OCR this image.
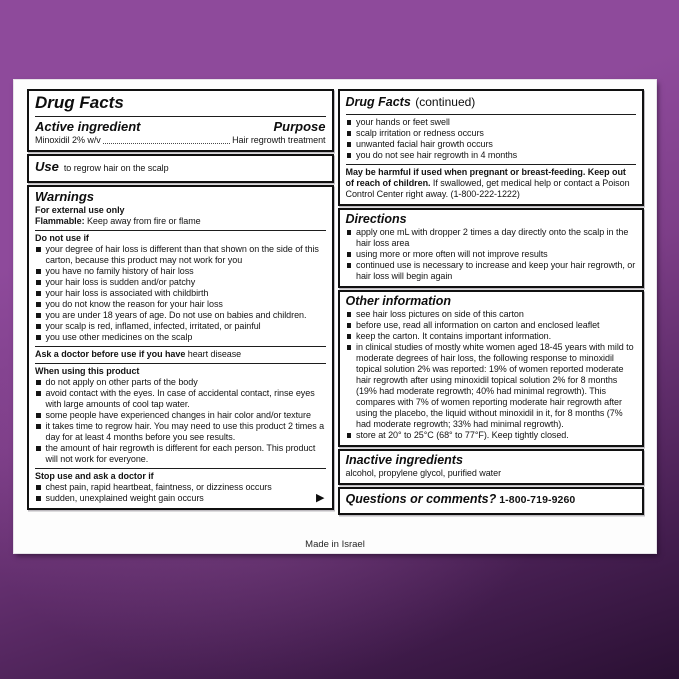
Drug Facts
Active ingredient	Purpose
Minoxidil 2% w/v	Hair regrowth treatment
Use to regrow hair on the scalp
Warnings
For external use only
Flammable: Keep away from fire or flame
Do not use if
your degree of hair loss is different than that shown on the side of this carton, because this product may not work for you
you have no family history of hair loss
your hair loss is sudden and/or patchy
your hair loss is associated with childbirth
you do not know the reason for your hair loss
you are under 18 years of age. Do not use on babies and children.
your scalp is red, inflamed, infected, irritated, or painful
you use other medicines on the scalp
Ask a doctor before use if you have heart disease
When using this product
do not apply on other parts of the body
avoid contact with the eyes. In case of accidental contact, rinse eyes with large amounts of cool tap water.
some people have experienced changes in hair color and/or texture
it takes time to regrow hair. You may need to use this product 2 times a day for at least 4 months before you see results.
the amount of hair regrowth is different for each person. This product will not work for everyone.
Stop use and ask a doctor if
chest pain, rapid heartbeat, faintness, or dizziness occurs
sudden, unexplained weight gain occurs	▶
Drug Facts (continued)
your hands or feet swell
scalp irritation or redness occurs
unwanted facial hair growth occurs
you do not see hair regrowth in 4 months
May be harmful if used when pregnant or breast-feeding. Keep out of reach of children. If swallowed, get medical help or contact a Poison Control Center right away. (1-800-222-1222)
Directions
apply one mL with dropper 2 times a day directly onto the scalp in the hair loss area
using more or more often will not improve results
continued use is necessary to increase and keep your hair regrowth, or hair loss will begin again
Other information
see hair loss pictures on side of this carton
before use, read all information on carton and enclosed leaflet
keep the carton. It contains important information.
in clinical studies of mostly white women aged 18-45 years with mild to moderate degrees of hair loss, the following response to minoxidil topical solution 2% was reported: 19% of women reported moderate hair regrowth after using minoxidil topical solution 2% for 8 months (19% had moderate regrowth; 40% had minimal regrowth). This compares with 7% of women reporting moderate hair regrowth after using the placebo, the liquid without minoxidil in it, for 8 months (7% had moderate regrowth; 33% had minimal regrowth).
store at 20° to 25°C (68° to 77°F). Keep tightly closed.
Inactive ingredients
alcohol, propylene glycol, purified water
Questions or comments? 1-800-719-9260
Made in Israel
